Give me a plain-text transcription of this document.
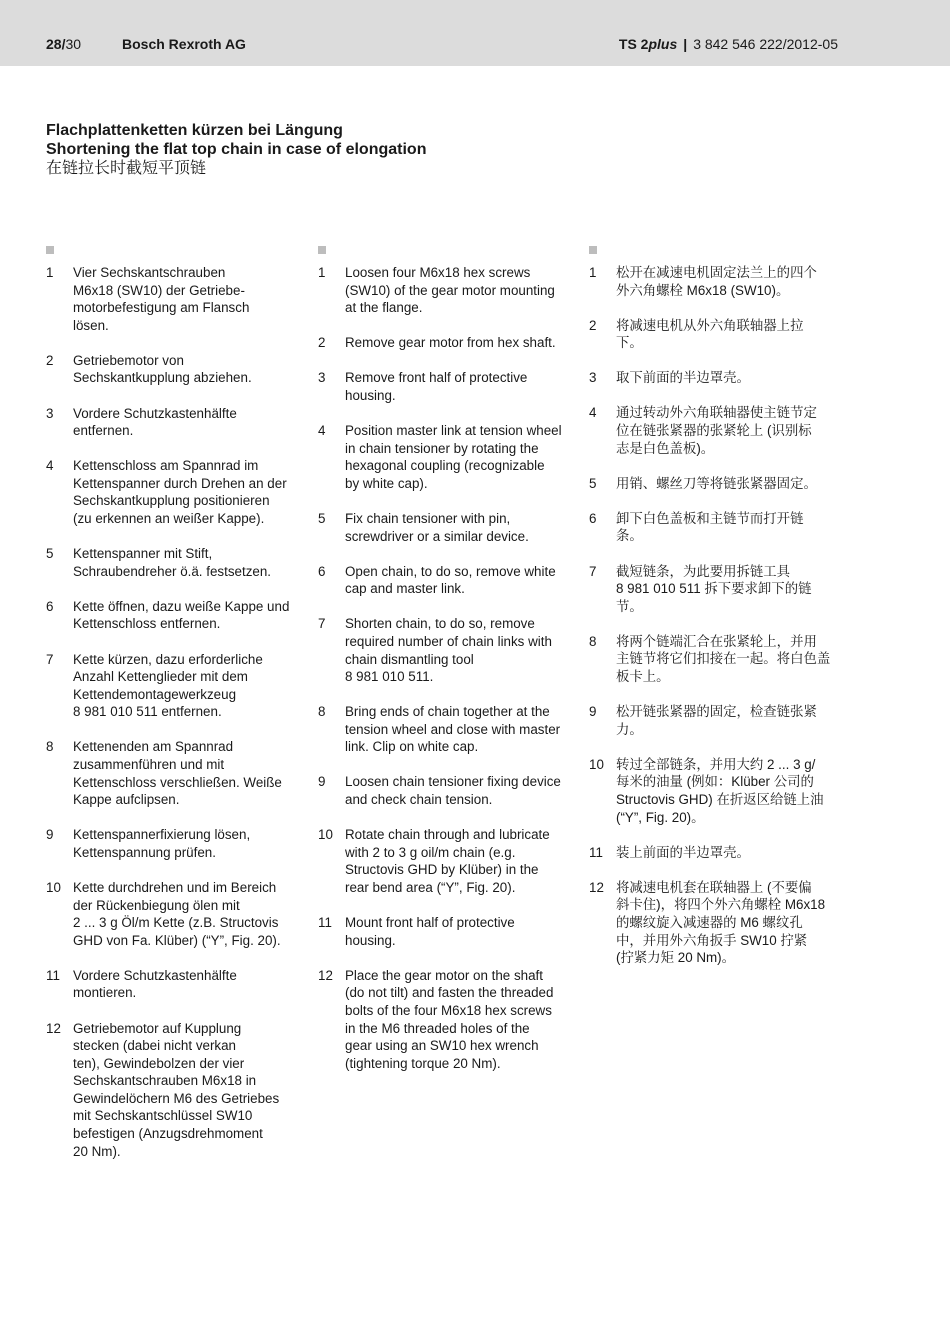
28/30	Bosch Rexroth AG	TS 2plus | 3 842 546 222/2012-05
Flachplattenketten kürzen bei Längung
Shortening the flat top chain in case of elongation
在链拉长时截短平顶链
1 Vier Sechskantschrauben
M6x18 (SW10) der Getriebe-
motorbefestigung am Flansch
lösen.
2 Getriebemotor von
Sechskantkupplung abziehen.
3 Vordere Schutzkastenhälfte
entfernen.
4 Kettenschloss am Spannrad im
Kettenspanner durch Drehen an der
Sechskantkupplung positionieren
(zu erkennen an weißer Kappe).
5 Kettenspanner mit Stift,
Schraubendreher ö.ä. festsetzen.
6 Kette öffnen, dazu weiße Kappe und
Kettenschloss entfernen.
7 Kette kürzen, dazu erforderliche
Anzahl Kettenglieder mit dem
Kettendemontagewerkzeug
8 981 010 511 entfernen.
8 Kettenenden am Spannrad
zusammenführen und mit
Kettenschloss verschließen. Weiße
Kappe aufclipsen.
9 Kettenspannerfixierung lösen,
Kettenspannung prüfen.
10 Kette durchdrehen und im Bereich
der Rückenbiegung ölen mit
2 ... 3 g Öl/m Kette (z.B. Structovis
GHD von Fa. Klüber) (“Y”, Fig. 20).
11 Vordere Schutzkastenhälfte
montieren.
12 Getriebemotor auf Kupplung
stecken (dabei nicht verkan
ten), Gewindebolzen der vier
Sechskantschrauben M6x18 in
Gewindelöchern M6 des Getriebes
mit Sechskantschlüssel SW10
befestigen (Anzugsdrehmoment
20 Nm).
1 Loosen four M6x18 hex screws
(SW10) of the gear motor mounting
at the flange.
2 Remove gear motor from hex shaft.
3 Remove front half of protective
housing.
4 Position master link at tension wheel
in chain tensioner by rotating the
hexagonal coupling (recognizable
by white cap).
5 Fix chain tensioner with pin,
screwdriver or a similar device.
6 Open chain, to do so, remove white
cap and master link.
7 Shorten chain, to do so, remove
required number of chain links with
chain dismantling tool
8 981 010 511.
8 Bring ends of chain together at the
tension wheel and close with master
link. Clip on white cap.
9 Loosen chain tensioner fixing device
and check chain tension.
10 Rotate chain through and lubricate
with 2 to 3 g oil/m chain (e.g.
Structovis GHD by Klüber) in the
rear bend area (“Y”, Fig. 20).
11 Mount front half of protective
housing.
12 Place the gear motor on the shaft
(do not tilt) and fasten the threaded
bolts of the four M6x18 hex screws
in the M6 threaded holes of the
gear using an SW10 hex wrench
(tightening torque 20 Nm).
1 松开在减速电机固定法兰上的四个
外六角螺栓 M6x18 (SW10)。
2 将减速电机从外六角联轴器上拉
下。
3 取下前面的半边罩壳。
4 通过转动外六角联轴器使主链节定
位在链张紧器的张紧轮上 (识别标
志是白色盖板)。
5 用销、螺丝刀等将链张紧器固定。
6 卸下白色盖板和主链节而打开链
条。
7 截短链条，为此要用拆链工具
8 981 010 511 拆下要求卸下的链
节。
8 将两个链端汇合在张紧轮上，并用
主链节将它们扣接在一起。将白色盖
板卡上。
9 松开链张紧器的固定，检查链张紧
力。
10 转过全部链条，并用大约 2 ... 3 g/
每米的油量 (例如：Klüber 公司的
Structovis GHD) 在折返区给链上油
(“Y”, Fig. 20)。
11 装上前面的半边罩壳。
12 将减速电机套在联轴器上 (不要偏
斜卡住)，将四个外六角螺栓 M6x18
的螺纹旋入减速器的 M6 螺纹孔
中，并用外六角扳手 SW10 拧紧
(拧紧力矩 20 Nm)。
